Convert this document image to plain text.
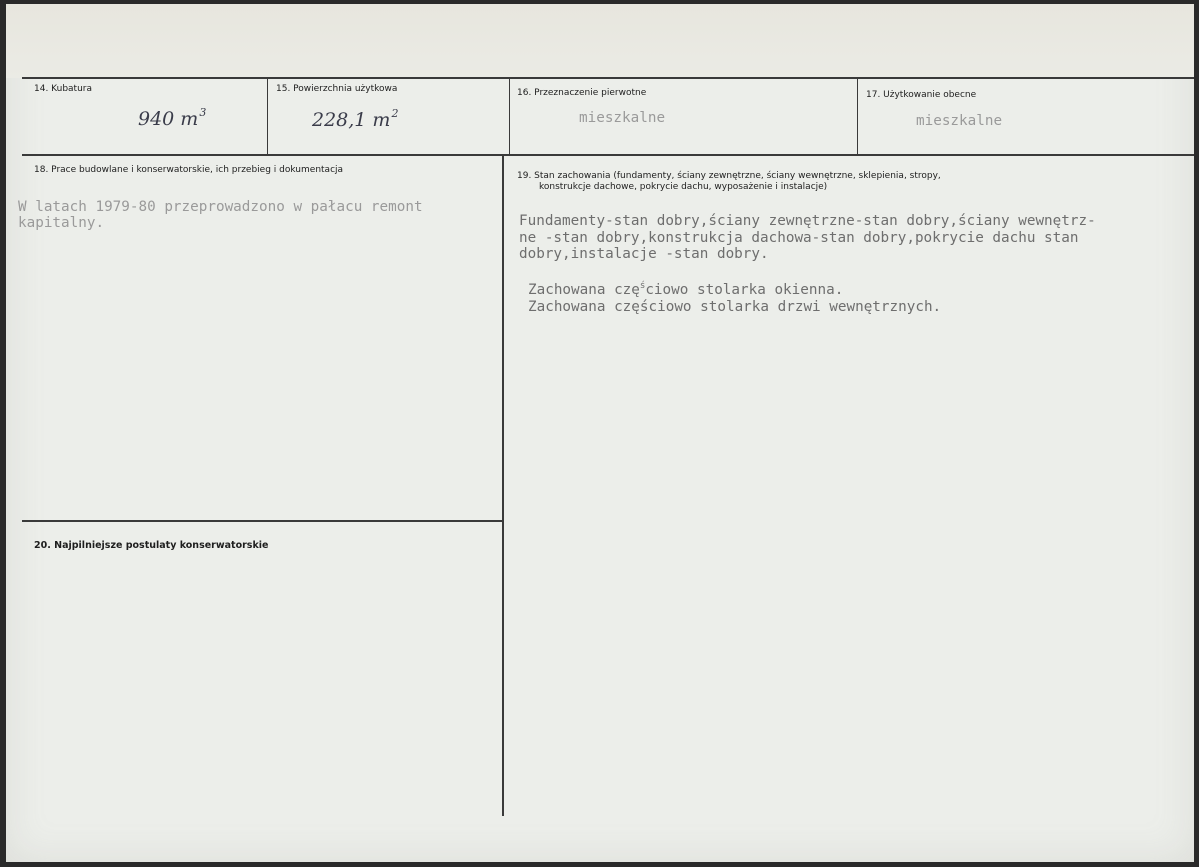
14. Kubatura
940 $m^3$
15. Powierzchnia użytkowa
228,1 $m^2$
16. Przeznaczenie pierwotne
mieszkalne
17. Użytkowanie obecne
mieszkalne
18. Prace budowlane i konserwatorskie, ich przebieg i dokumentacja
W latach 1979-80 przeprowadzono w pałacu remont
kapitalny.
19. Stan zachowania (fundamenty, ściany zewnętrzne, ściany wewnętrzne, sklepienia, stropy,
konstrukcje dachowe, pokrycie dachu, wyposażenie i instalacje)
Fundamenty-stan dobry,ściany zewnętrzne-stan dobry,ściany wewnętrz-
ne -stan dobry,konstrukcja dachowa-stan dobry,pokrycie dachu stan
dobry,instalacje -stan dobry.
Zachowana czę$^ś$ciowo stolarka okienna.
Zachowana częściowo stolarka drzwi wewnętrznych.
20. Najpilniejsze postulaty konserwatorskie
